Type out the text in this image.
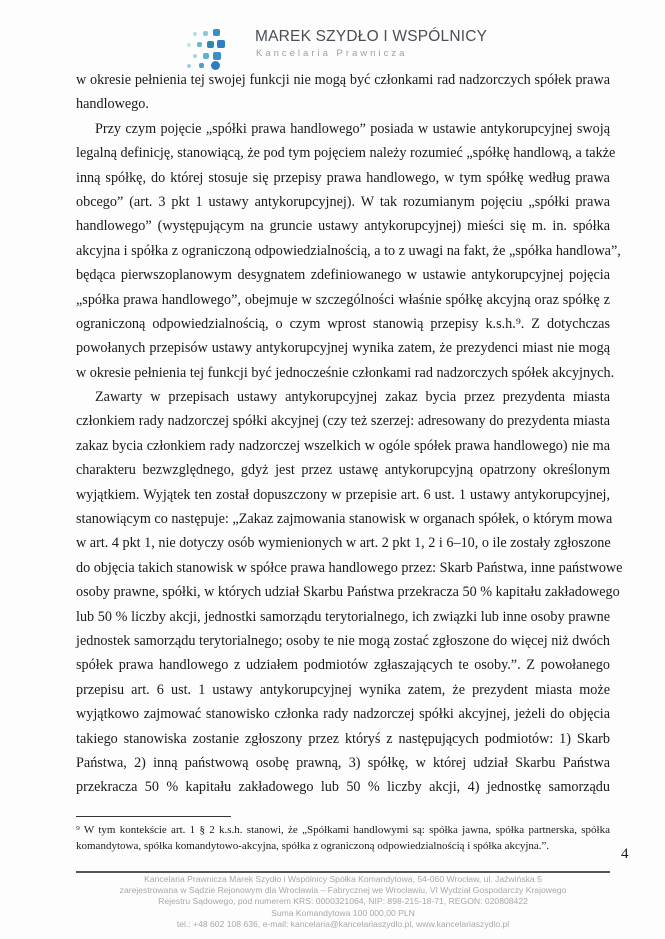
MAREK SZYDŁO I WSPÓLNICY
Kancelaria Prawnicza
w okresie pełnienia tej swojej funkcji nie mogą być członkami rad nadzorczych spółek prawa
handlowego.
Przy czym pojęcie „spółki prawa handlowego” posiada w ustawie antykorupcyjnej swoją
legalną definicję, stanowiącą, że pod tym pojęciem należy rozumieć „spółkę handlową, a także
inną spółkę, do której stosuje się przepisy prawa handlowego, w tym spółkę według prawa
obcego” (art. 3 pkt 1 ustawy antykorupcyjnej). W tak rozumianym pojęciu „spółki prawa
handlowego” (występującym na gruncie ustawy antykorupcyjnej) mieści się m. in. spółka
akcyjna i spółka z ograniczoną odpowiedzialnością, a to z uwagi na fakt, że „spółka handlowa”,
będąca pierwszoplanowym desygnatem zdefiniowanego w ustawie antykorupcyjnej pojęcia
„spółka prawa handlowego”, obejmuje w szczególności właśnie spółkę akcyjną oraz spółkę z
ograniczoną odpowiedzialnością, o czym wprost stanowią przepisy k.s.h.⁹. Z dotychczas
powołanych przepisów ustawy antykorupcyjnej wynika zatem, że prezydenci miast nie mogą
w okresie pełnienia tej funkcji być jednocześnie członkami rad nadzorczych spółek akcyjnych.
Zawarty w przepisach ustawy antykorupcyjnej zakaz bycia przez prezydenta miasta
członkiem rady nadzorczej spółki akcyjnej (czy też szerzej: adresowany do prezydenta miasta
zakaz bycia członkiem rady nadzorczej wszelkich w ogóle spółek prawa handlowego) nie ma
charakteru bezwzględnego, gdyż jest przez ustawę antykorupcyjną opatrzony określonym
wyjątkiem. Wyjątek ten został dopuszczony w przepisie art. 6 ust. 1 ustawy antykorupcyjnej,
stanowiącym co następuje: „Zakaz zajmowania stanowisk w organach spółek, o którym mowa
w art. 4 pkt 1, nie dotyczy osób wymienionych w art. 2 pkt 1, 2 i 6–10, o ile zostały zgłoszone
do objęcia takich stanowisk w spółce prawa handlowego przez: Skarb Państwa, inne państwowe
osoby prawne, spółki, w których udział Skarbu Państwa przekracza 50 % kapitału zakładowego
lub 50 % liczby akcji, jednostki samorządu terytorialnego, ich związki lub inne osoby prawne
jednostek samorządu terytorialnego; osoby te nie mogą zostać zgłoszone do więcej niż dwóch
spółek prawa handlowego z udziałem podmiotów zgłaszających te osoby.”. Z powołanego
przepisu art. 6 ust. 1 ustawy antykorupcyjnej wynika zatem, że prezydent miasta może
wyjątkowo zajmować stanowisko członka rady nadzorczej spółki akcyjnej, jeżeli do objęcia
takiego stanowiska zostanie zgłoszony przez któryś z następujących podmiotów: 1) Skarb
Państwa, 2) inną państwową osobę prawną, 3) spółkę, w której udział Skarbu Państwa
przekracza 50 % kapitału zakładowego lub 50 % liczby akcji, 4) jednostkę samorządu
⁹ W tym kontekście art. 1 § 2 k.s.h. stanowi, że „Spółkami handlowymi są: spółka jawna, spółka partnerska, spółka
komandytowa, spółka komandytowo-akcyjna, spółka z ograniczoną odpowiedzialnością i spółka akcyjna.”.	4
Kancelaria Prawnicza Marek Szydło i Wspólnicy Spółka Komandytowa, 54-060 Wrocław, ul. Jaźwińska 5
zarejestrowana w Sądzie Rejonowym dla Wrocławia – Fabrycznej we Wrocławiu, VI Wydział Gospodarczy Krajowego
Rejestru Sądowego, pod numerem KRS: 0000321064, NIP: 898-215-18-71, REGON: 020808422
Suma Komandytowa 100 000,00 PLN
tel.: +48 602 108 636, e-mail: kancelaria@kancelariaszydlo.pl, www.kancelariaszydlo.pl
